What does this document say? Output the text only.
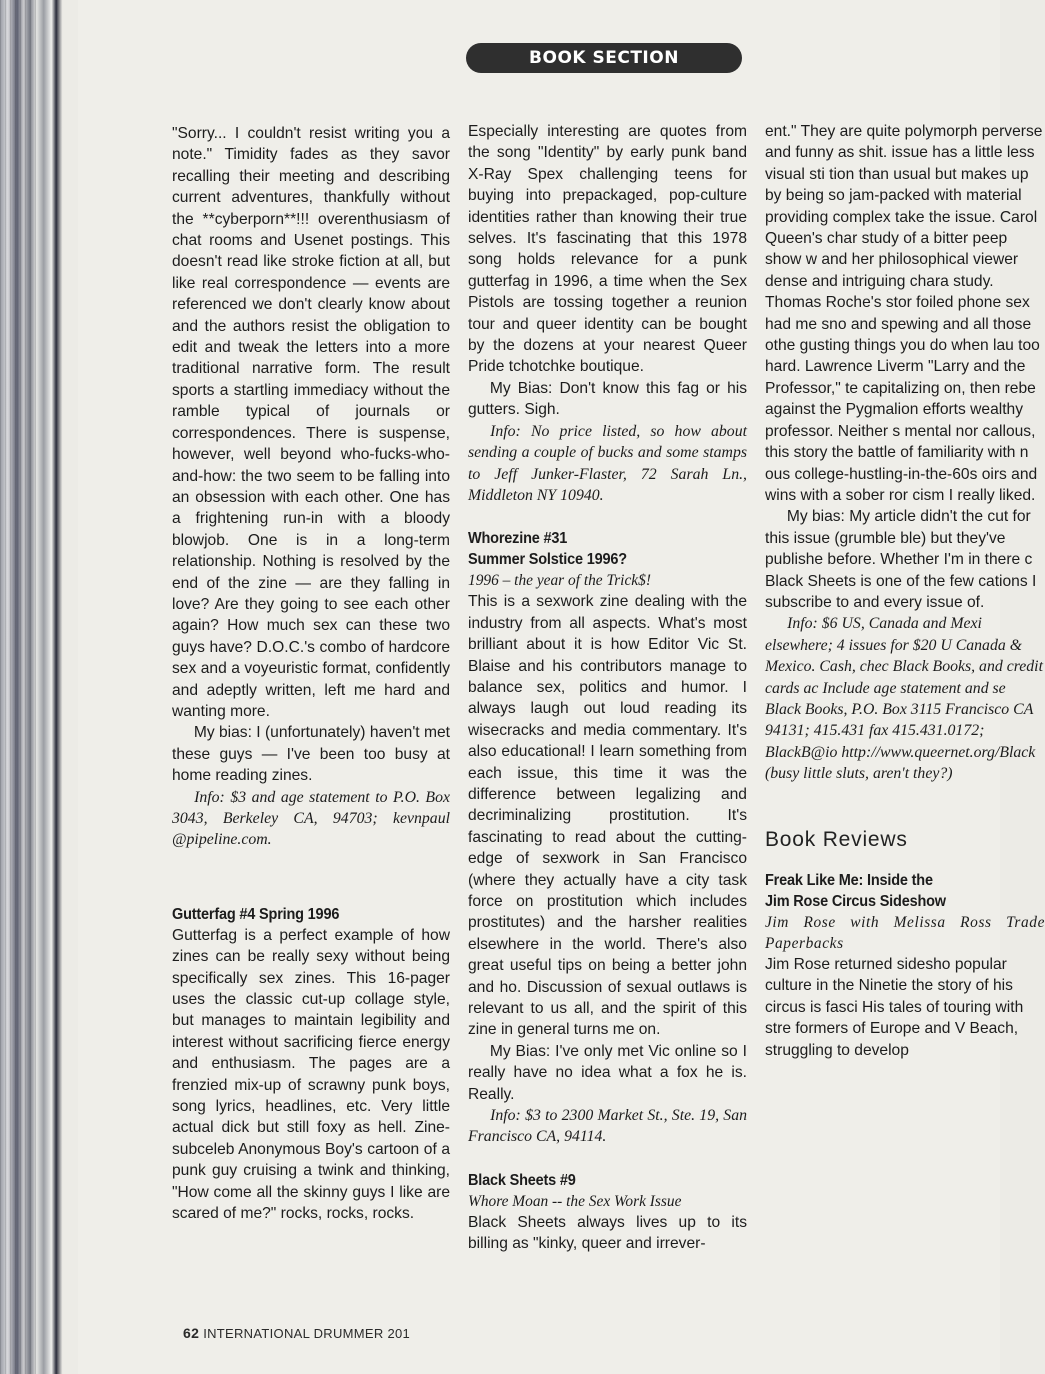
BOOK SECTION

"Sorry... I couldn't resist writing you a note." Timidity fades as they savor recalling their meeting and describing current adventures, thankfully without the **cyberporn**!!! overenthusiasm of chat rooms and Usenet postings. This doesn't read like stroke fiction at all, but like real correspondence — events are referenced we don't clearly know about and the authors resist the obligation to edit and tweak the letters into a more traditional narrative form. The result sports a startling immediacy without the ramble typical of journals or correspondences. There is suspense, however, well beyond who-fucks-who-and-how: the two seem to be falling into an obsession with each other. One has a frightening run-in with a bloody blowjob. One is in a long-term relationship. Nothing is resolved by the end of the zine — are they falling in love? Are they going to see each other again? How much sex can these two guys have? D.O.C.'s combo of hardcore sex and a voyeuristic format, confidently and adeptly written, left me hard and wanting more.

My bias: I (unfortunately) haven't met these guys — I've been too busy at home reading zines.

Info: $3 and age statement to P.O. Box 3043, Berkeley CA, 94703; kevnpaul @pipeline.com.

Gutterfag #4 Spring 1996

Gutterfag is a perfect example of how zines can be really sexy without being specifically sex zines. This 16-pager uses the classic cut-up collage style, but manages to maintain legibility and interest without sacrificing fierce energy and enthusiasm. The pages are a frenzied mix-up of scrawny punk boys, song lyrics, headlines, etc. Very little actual dick but still foxy as hell. Zine-subceleb Anonymous Boy's cartoon of a punk guy cruising a twink and thinking, "How come all the skinny guys I like are scared of me?" rocks, rocks, rocks.

Especially interesting are quotes from the song "Identity" by early punk band X-Ray Spex challenging teens for buying into prepackaged, pop-culture identities rather than knowing their true selves. It's fascinating that this 1978 song holds relevance for a punk gutterfag in 1996, a time when the Sex Pistols are tossing together a reunion tour and queer identity can be bought by the dozens at your nearest Queer Pride tchotchke boutique.

My Bias: Don't know this fag or his gutters. Sigh.

Info: No price listed, so how about sending a couple of bucks and some stamps to Jeff Junker-Flaster, 72 Sarah Ln., Middleton NY 10940.

Whorezine #31

Summer Solstice 1996?

1996 – the year of the Trick$!

This is a sexwork zine dealing with the industry from all aspects. What's most brilliant about it is how Editor Vic St. Blaise and his contributors manage to balance sex, politics and humor. I always laugh out loud reading its wisecracks and media commentary. It's also educational! I learn something from each issue, this time it was the difference between legalizing and decriminalizing prostitution. It's fascinating to read about the cutting-edge of sexwork in San Francisco (where they actually have a city task force on prostitution which includes prostitutes) and the harsher realities elsewhere in the world. There's also great useful tips on being a better john and ho. Discussion of sexual outlaws is relevant to us all, and the spirit of this zine in general turns me on.

My Bias: I've only met Vic online so I really have no idea what a fox he is. Really.

Info: $3 to 2300 Market St., Ste. 19, San Francisco CA, 94114.

Black Sheets #9

Whore Moan -- the Sex Work Issue

Black Sheets always lives up to its billing as "kinky, queer and irrever-

ent." They are quite polymorph perverse and funny as shit. issue has a little less visual sti tion than usual but makes up by being so jam-packed with material providing complex take the issue. Carol Queen's char study of a bitter peep show w and her philosophical viewer dense and intriguing chara study. Thomas Roche's stor foiled phone sex had me sno and spewing and all those othe gusting things you do when lau too hard. Lawrence Liverm "Larry and the Professor," te capitalizing on, then rebe against the Pygmalion efforts wealthy professor. Neither s mental nor callous, this story the battle of familiarity with n ous college-hustling-in-the-60s oirs and wins with a sober ror cism I really liked.

My bias: My article didn't the cut for this issue (grumble ble) but they've publishe before. Whether I'm in there c Black Sheets is one of the few cations I subscribe to and every issue of.

Info: $6 US, Canada and Mexi elsewhere; 4 issues for $20 U Canada & Mexico. Cash, chec Black Books, and credit cards ac Include age statement and se Black Books, P.O. Box 3115 Francisco CA 94131; 415.431 fax 415.431.0172; BlackB@io http://www.queernet.org/Black (busy little sluts, aren't they?)

Book Reviews

Freak Like Me: Inside the

Jim Rose Circus Sideshow

Jim Rose with Melissa Ross Trade Paperbacks

Jim Rose returned sidesho popular culture in the Ninetie the story of his circus is fasci His tales of touring with stre formers of Europe and V Beach, struggling to develop

62 INTERNATIONAL DRUMMER 201
